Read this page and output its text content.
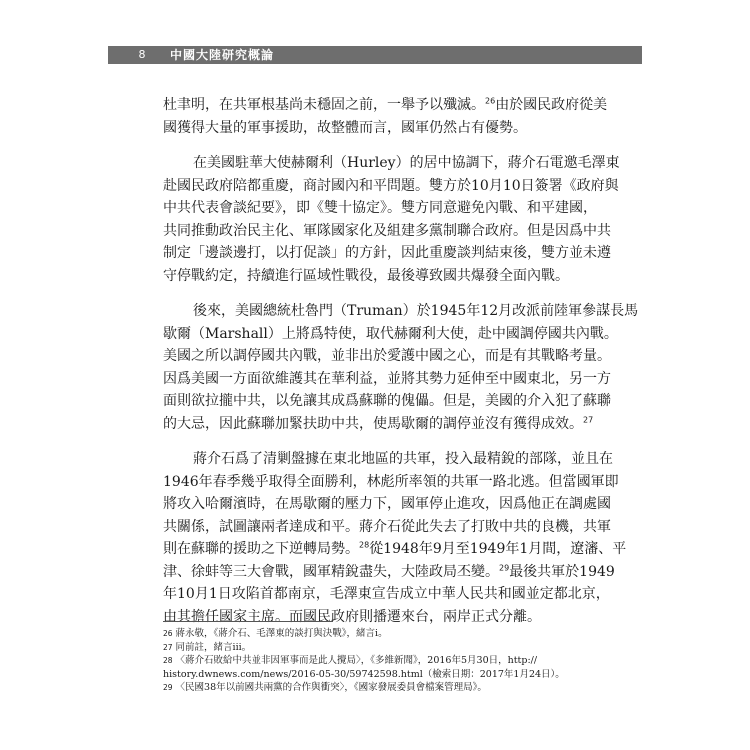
8 中國大陸研究概論
杜聿明，在共軍根基尚未穩固之前，一舉予以殲滅。$^{26}$由於國民政府從美
國獲得大量的軍事援助，故整體而言，國軍仍然占有優勢。
在美國駐華大使赫爾利（Hurley）的居中協調下，蔣介石電邀毛澤東
赴國民政府陪都重慶，商討國內和平問題。雙方於10月10日簽署《政府與
中共代表會談紀要》，即《雙十協定》。雙方同意避免內戰、和平建國，
共同推動政治民主化、軍隊國家化及組建多黨制聯合政府。但是因爲中共
制定「邊談邊打，以打促談」的方針，因此重慶談判結束後，雙方並未遵
守停戰約定，持續進行區域性戰役，最後導致國共爆發全面內戰。
後來，美國總統杜魯門（Truman）於1945年12月改派前陸軍參謀長馬
歇爾（Marshall）上將爲特使，取代赫爾利大使，赴中國調停國共內戰。
美國之所以調停國共內戰，並非出於愛護中國之心，而是有其戰略考量。
因爲美國一方面欲維護其在華利益，並將其勢力延伸至中國東北，另一方
面則欲拉攏中共，以免讓其成爲蘇聯的傀儡。但是，美國的介入犯了蘇聯
的大忌，因此蘇聯加緊扶助中共，使馬歇爾的調停並沒有獲得成效。$^{27}$
蔣介石爲了清剿盤據在東北地區的共軍，投入最精銳的部隊，並且在
1946年春季幾乎取得全面勝利，林彪所率領的共軍一路北逃。但當國軍即
將攻入哈爾濱時，在馬歇爾的壓力下，國軍停止進攻，因爲他正在調處國
共關係，試圖讓兩者達成和平。蔣介石從此失去了打敗中共的良機，共軍
則在蘇聯的援助之下逆轉局勢。$^{28}$從1948年9月至1949年1月間，遼瀋、平
津、徐蚌等三大會戰，國軍精銳盡失，大陸政局丕變。$^{29}$最後共軍於1949
年10月1日攻陷首都南京，毛澤東宣告成立中華人民共和國並定都北京，
由其擔任國家主席。而國民政府則播遷來台，兩岸正式分離。
26 蔣永敬，《蔣介石、毛澤東的談打與決戰》，緒言i。
27 同前註，緒言iii。
28 〈蔣介石敗給中共並非因軍事而是此人攪局〉，《多維新聞》，2016年5月30日，http://
history.dwnews.com/news/2016-05-30/59742598.html（檢索日期：2017年1月24日）。
29 〈民國38年以前國共兩黨的合作與衝突〉，《國家發展委員會檔案管理局》。
